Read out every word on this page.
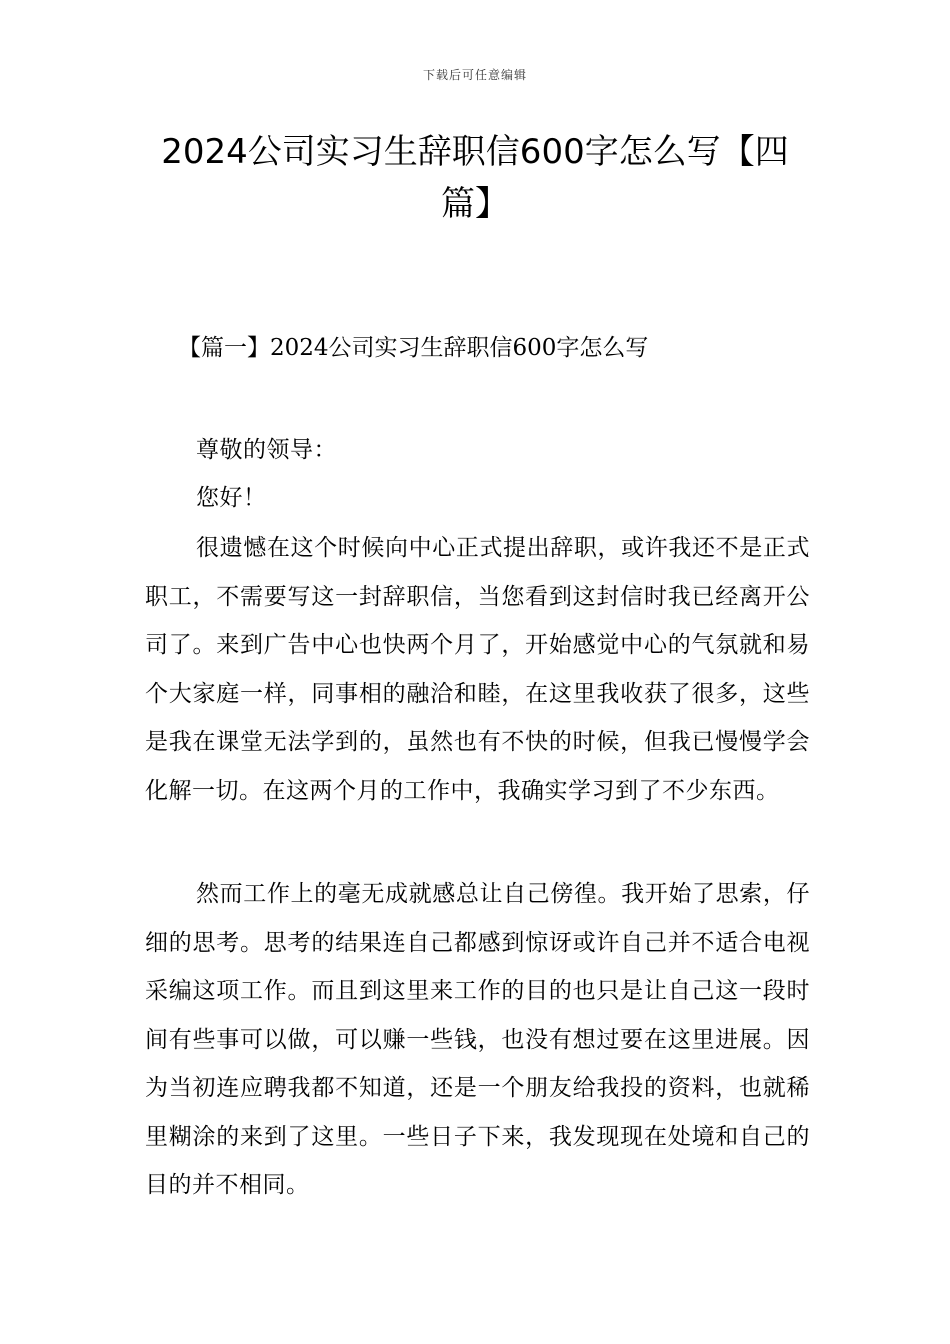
下载后可任意编辑
2024公司实习生辞职信600字怎么写【四篇】
【篇一】2024公司实习生辞职信600字怎么写

尊敬的领导：

您好！

很遗憾在这个时候向中心正式提出辞职，或许我还不是正式职工，不需要写这一封辞职信，当您看到这封信时我已经离开公司了。来到广告中心也快两个月了，开始感觉中心的气氛就和易个大家庭一样，同事相的融洽和睦，在这里我收获了很多，这些是我在课堂无法学到的，虽然也有不快的时候，但我已慢慢学会化解一切。在这两个月的工作中，我确实学习到了不少东西。

然而工作上的毫无成就感总让自己傍徨。我开始了思索，仔细的思考。思考的结果连自己都感到惊讶或许自己并不适合电视采编这项工作。而且到这里来工作的目的也只是让自己这一段时间有些事可以做，可以赚一些钱，也没有想过要在这里进展。因为当初连应聘我都不知道，还是一个朋友给我投的资料，也就稀里糊涂的来到了这里。一些日子下来，我发现现在处境和自己的目的并不相同。
